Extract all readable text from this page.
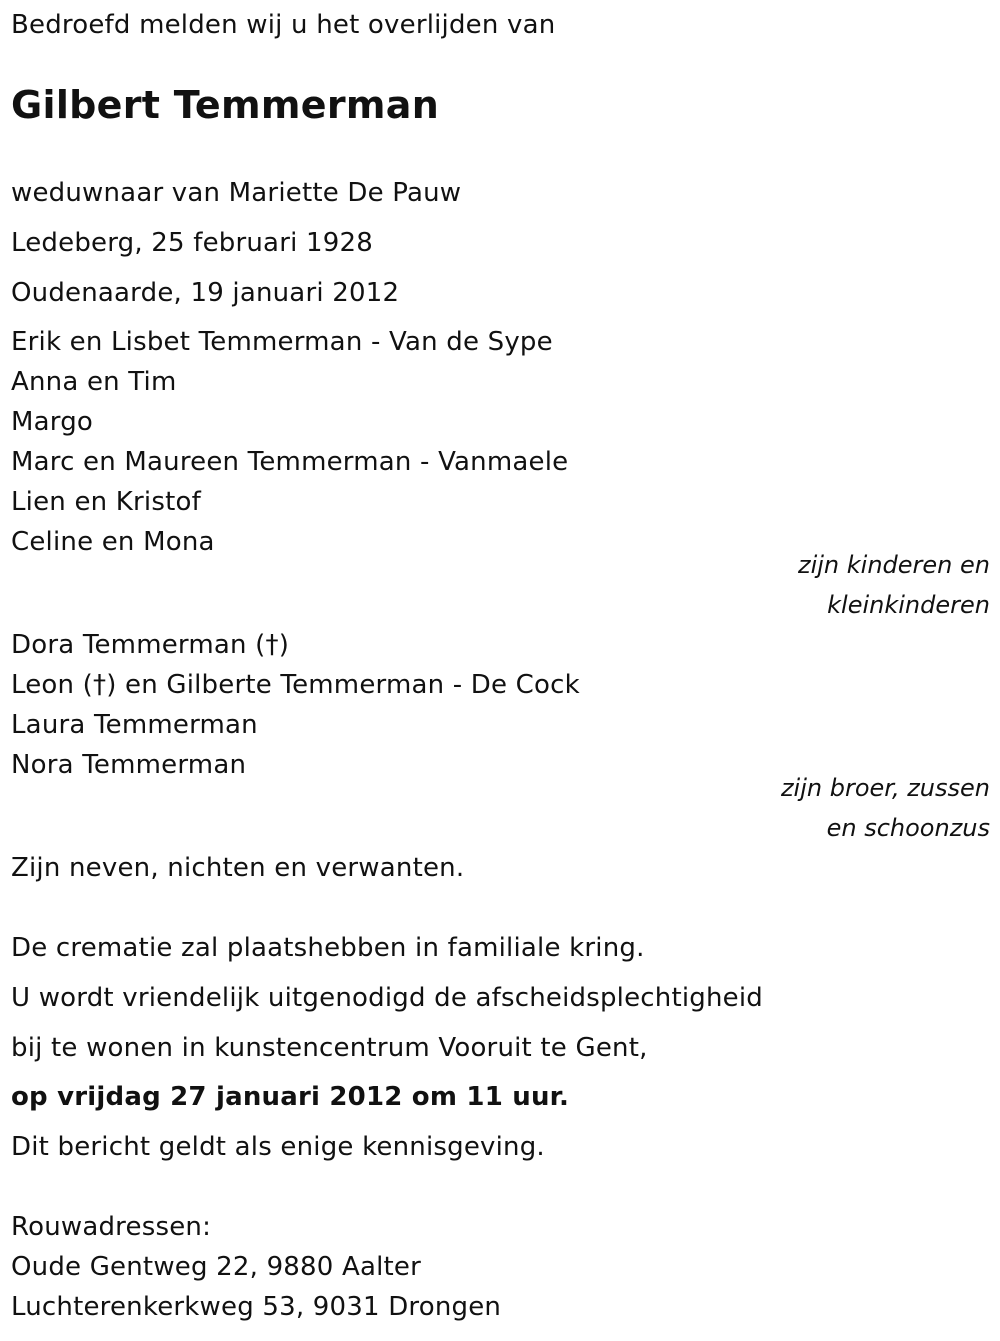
Bedroefd melden wij u het overlijden van
Gilbert Temmerman
weduwnaar van Mariette De Pauw
Ledeberg, 25 februari 1928
Oudenaarde, 19 januari 2012
Erik en Lisbet Temmerman - Van de Sype
Anna en Tim
Margo
Marc en Maureen Temmerman - Vanmaele
Lien en Kristof
Celine en Mona
zijn kinderen en
kleinkinderen
Dora Temmerman (†)
Leon (†) en Gilberte Temmerman - De Cock
Laura Temmerman
Nora Temmerman
zijn broer, zussen
en schoonzus
Zijn neven, nichten en verwanten.
De crematie zal plaatshebben in familiale kring.
U wordt vriendelijk uitgenodigd de afscheidsplechtigheid
bij te wonen in kunstencentrum Vooruit te Gent,
op vrijdag 27 januari 2012 om 11 uur.
Dit bericht geldt als enige kennisgeving.
Rouwadressen:
Oude Gentweg 22, 9880 Aalter
Luchterenkerkweg 53, 9031 Drongen
